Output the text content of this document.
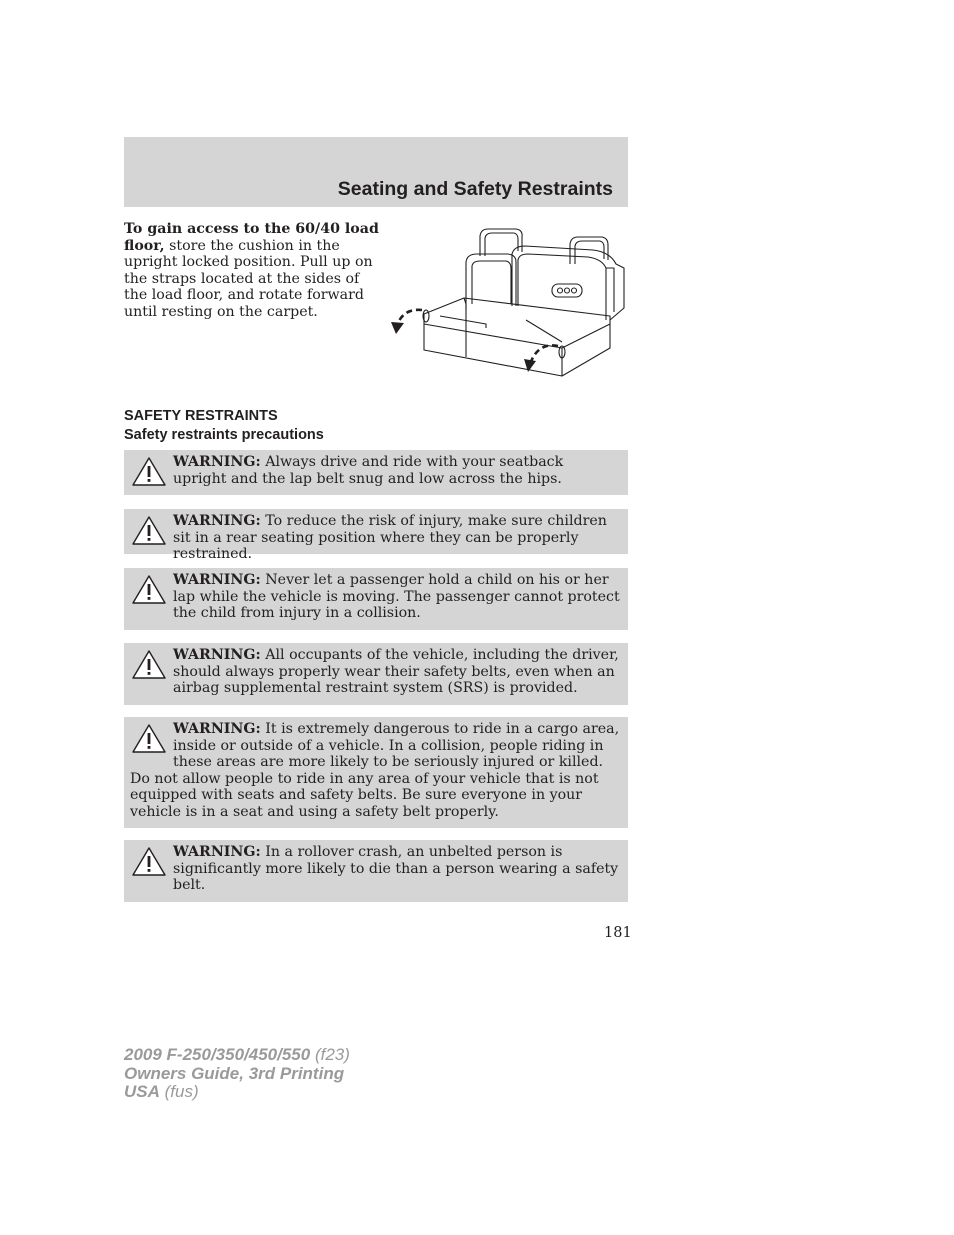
Seating and Safety Restraints
To gain access to the 60/40 load floor, store the cushion in the upright locked position. Pull up on the straps located at the sides of the load floor, and rotate forward until resting on the carpet.
SAFETY RESTRAINTS
Safety restraints precautions
WARNING: Always drive and ride with your seatback upright and the lap belt snug and low across the hips.
WARNING: To reduce the risk of injury, make sure children sit in a rear seating position where they can be properly restrained.
WARNING: Never let a passenger hold a child on his or her lap while the vehicle is moving. The passenger cannot protect the child from injury in a collision.
WARNING: All occupants of the vehicle, including the driver, should always properly wear their safety belts, even when an airbag supplemental restraint system (SRS) is provided.
WARNING: It is extremely dangerous to ride in a cargo area, inside or outside of a vehicle. In a collision, people riding in these areas are more likely to be seriously injured or killed. Do not allow people to ride in any area of your vehicle that is not equipped with seats and safety belts. Be sure everyone in your vehicle is in a seat and using a safety belt properly.
WARNING: In a rollover crash, an unbelted person is significantly more likely to die than a person wearing a safety belt.
181
2009 F-250/350/450/550 (f23)
Owners Guide, 3rd Printing
USA (fus)
